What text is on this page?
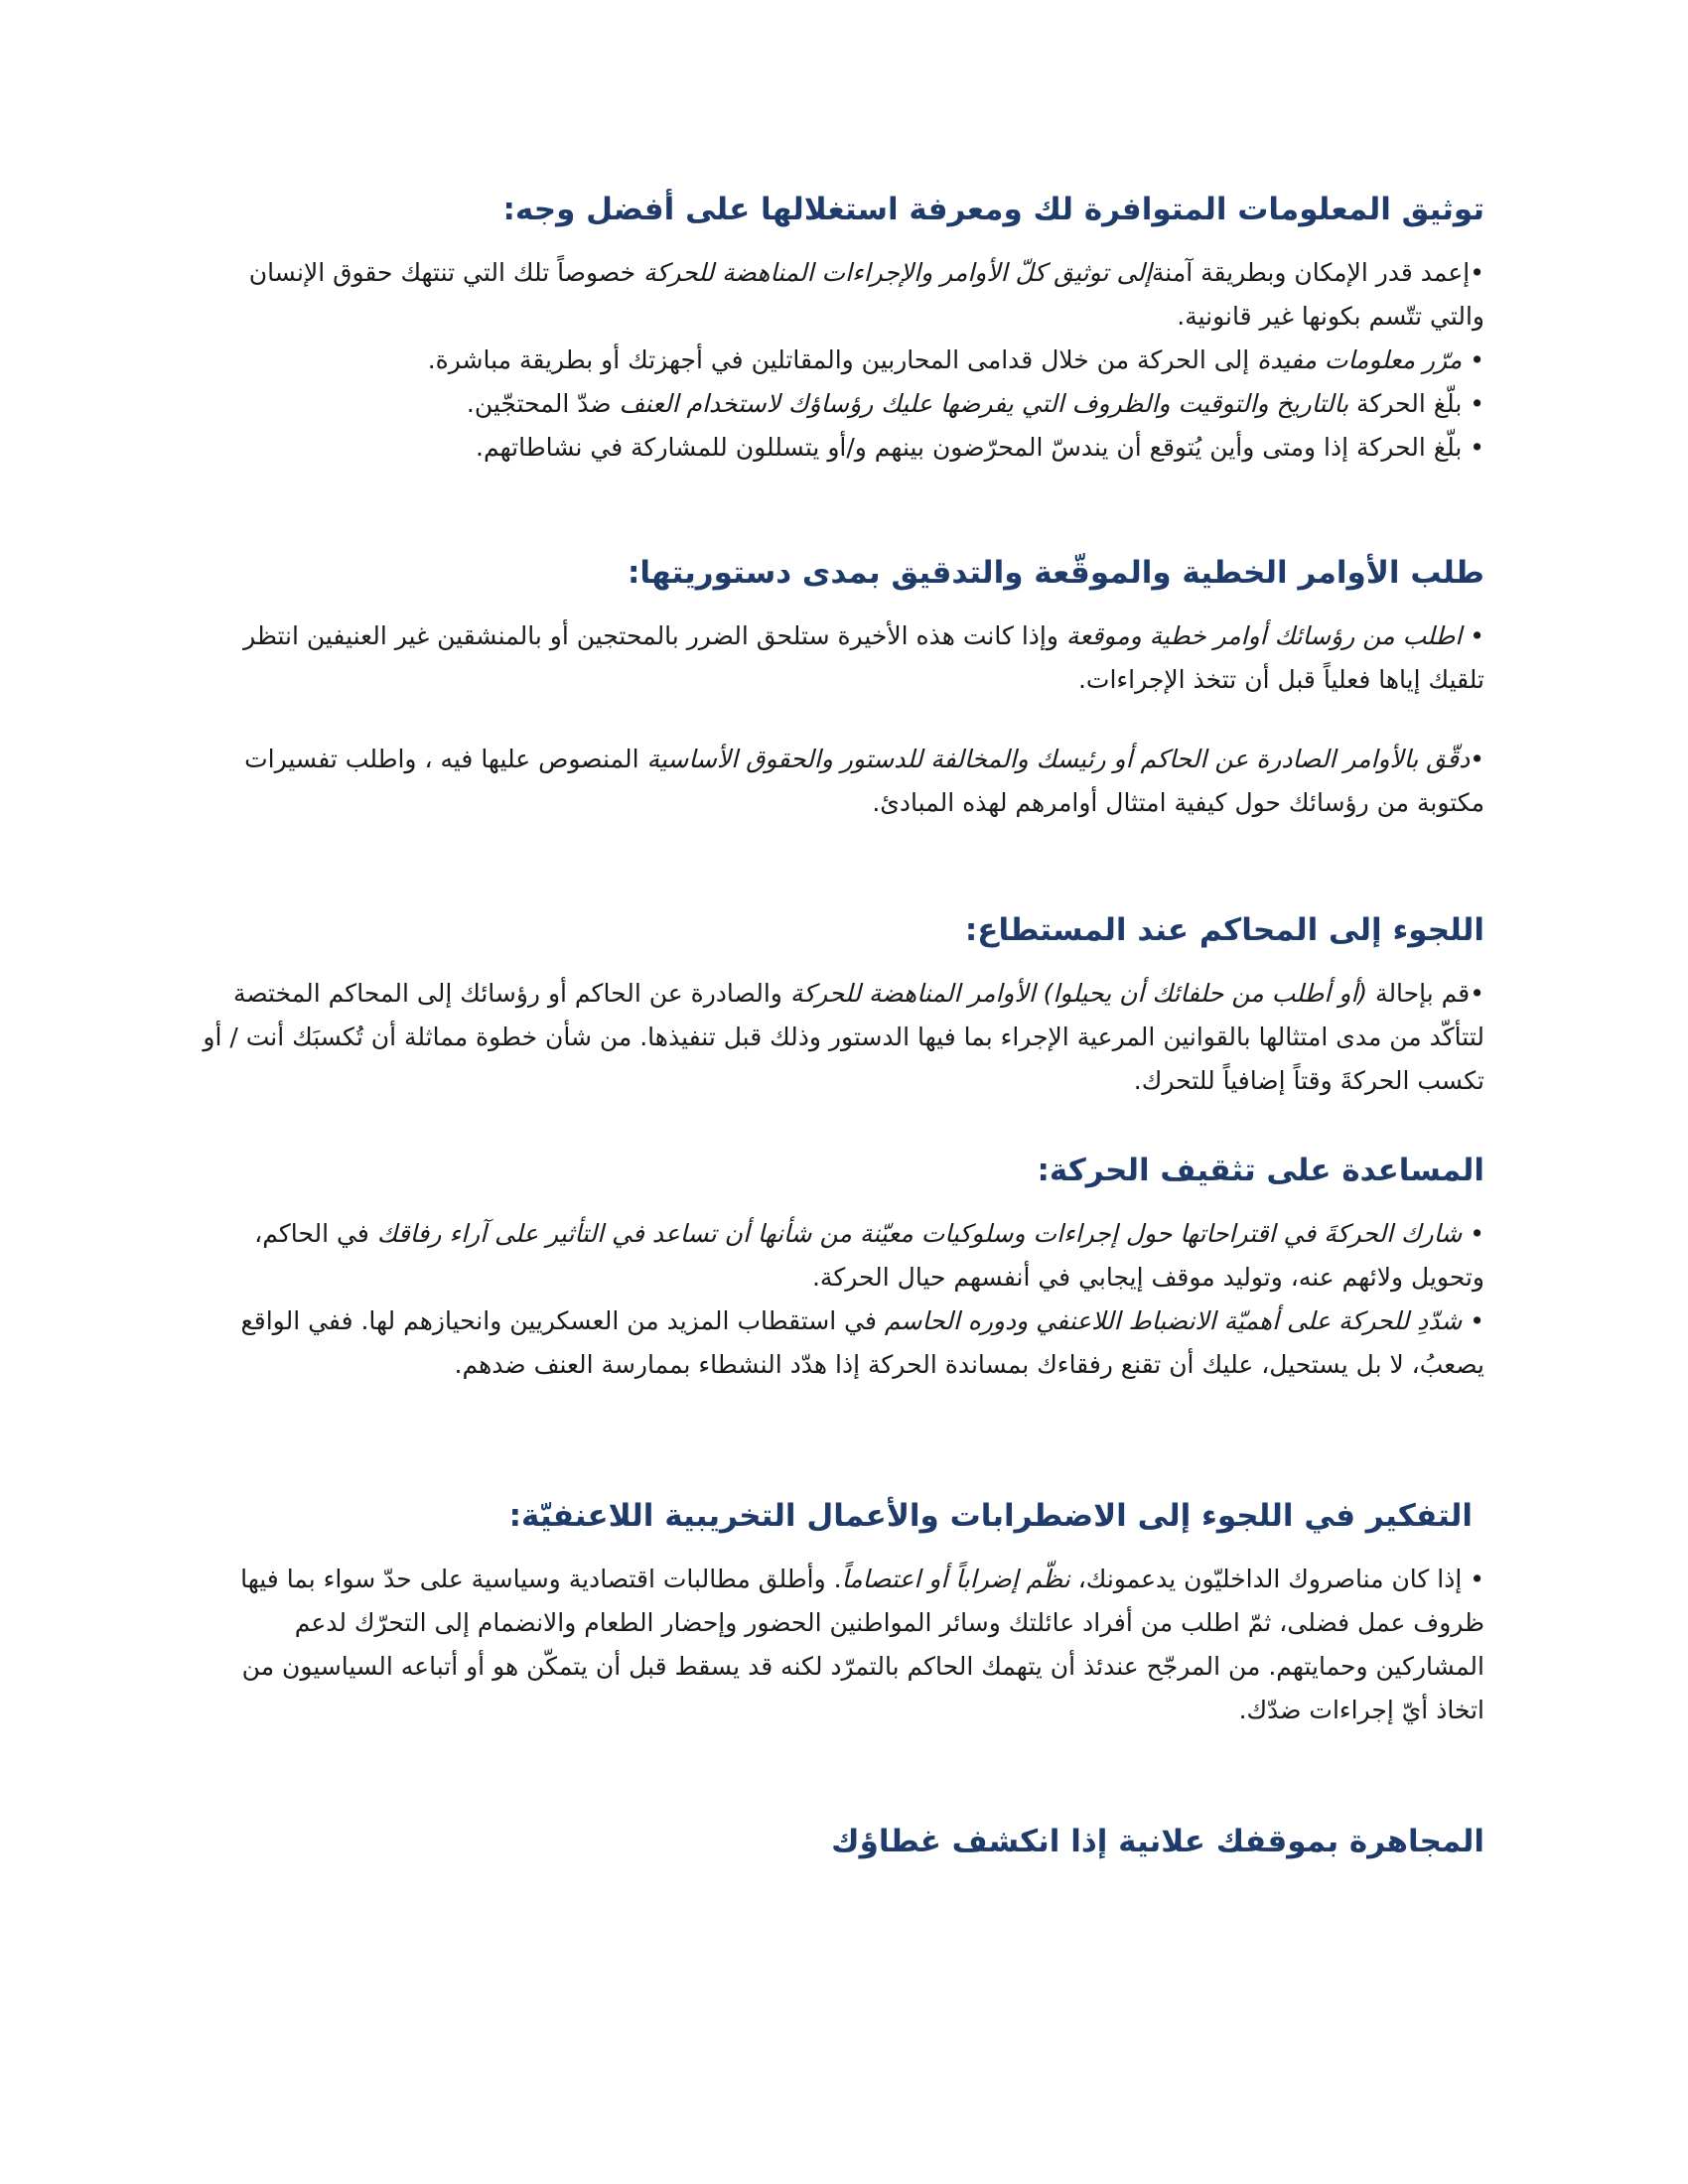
توثيق المعلومات المتوافرة لك ومعرفة استغلالها على أفضل وجه:

•إعمد قدر الإمكان وبطريقة آمنةإلى توثيق كلّ الأوامر والإجراءات المناهضة للحركة خصوصاً تلك التي تنتهك حقوق الإنسان والتي تتّسم بكونها غير قانونية.

• مرّر معلومات مفيدة إلى الحركة من خلال قدامى المحاربين والمقاتلين في أجهزتك أو بطريقة مباشرة.

• بلّغ الحركة بالتاريخ والتوقيت والظروف التي يفرضها عليك رؤساؤك لاستخدام العنف ضدّ المحتجّين.

• بلّغ الحركة إذا ومتى وأين يُتوقع أن يندسّ المحرّضون بينهم و/أو يتسللون للمشاركة في نشاطاتهم.

طلب الأوامر الخطية والموقّعة والتدقيق بمدى دستوريتها:

• اطلب من رؤسائك أوامر خطية وموقعة وإذا كانت هذه الأخيرة ستلحق الضرر بالمحتجين أو بالمنشقين غير العنيفين انتظر تلقيك إياها فعلياً قبل أن تتخذ الإجراءات.

•دقّق بالأوامر الصادرة عن الحاكم أو رئيسك والمخالفة للدستور والحقوق الأساسية المنصوص عليها فيه ، واطلب تفسيرات مكتوبة من رؤسائك حول كيفية امتثال أوامرهم لهذه المبادئ.

اللجوء إلى المحاكم عند المستطاع:

•قم بإحالة (أو أطلب من حلفائك أن يحيلوا) الأوامر المناهضة للحركة والصادرة عن الحاكم أو رؤسائك إلى المحاكم المختصة لتتأكّد من مدى امتثالها بالقوانين المرعية الإجراء بما فيها الدستور وذلك قبل تنفيذها. من شأن خطوة مماثلة أن تُكسبَك أنت / أو تكسب الحركةَ وقتاً إضافياً للتحرك.

المساعدة على تثقيف الحركة:

• شارك الحركةَ في اقتراحاتها حول إجراءات وسلوكيات معيّنة من شأنها أن تساعد في التأثير على آراء رفاقك في الحاكم، وتحويل ولائهم عنه، وتوليد موقف إيجابي في أنفسهم حيال الحركة.

• شدّدِ للحركة على أهميّة الانضباط اللاعنفي ودوره الحاسم في استقطاب المزيد من العسكريين وانحيازهم لها. ففي الواقع يصعبُ، لا بل يستحيل، عليك أن تقنع رفقاءك بمساندة الحركة إذا هدّد النشطاء بممارسة العنف ضدهم.

التفكير في اللجوء إلى الاضطرابات والأعمال التخريبية اللاعنفيّة:

• إذا كان مناصروك الداخليّون يدعمونك، نظّم إضراباً أو اعتصاماً. وأطلق مطالبات اقتصادية وسياسية على حدّ سواء بما فيها ظروف عمل فضلى، ثمّ اطلب من أفراد عائلتك وسائر المواطنين الحضور وإحضار الطعام والانضمام إلى التحرّك لدعم المشاركين وحمايتهم. من المرجّح عندئذ أن يتهمك الحاكم بالتمرّد لكنه قد يسقط قبل أن يتمكّن هو أو أتباعه السياسيون من اتخاذ أيّ إجراءات ضدّك.

المجاهرة بموقفك علانية إذا انكشف غطاؤك
